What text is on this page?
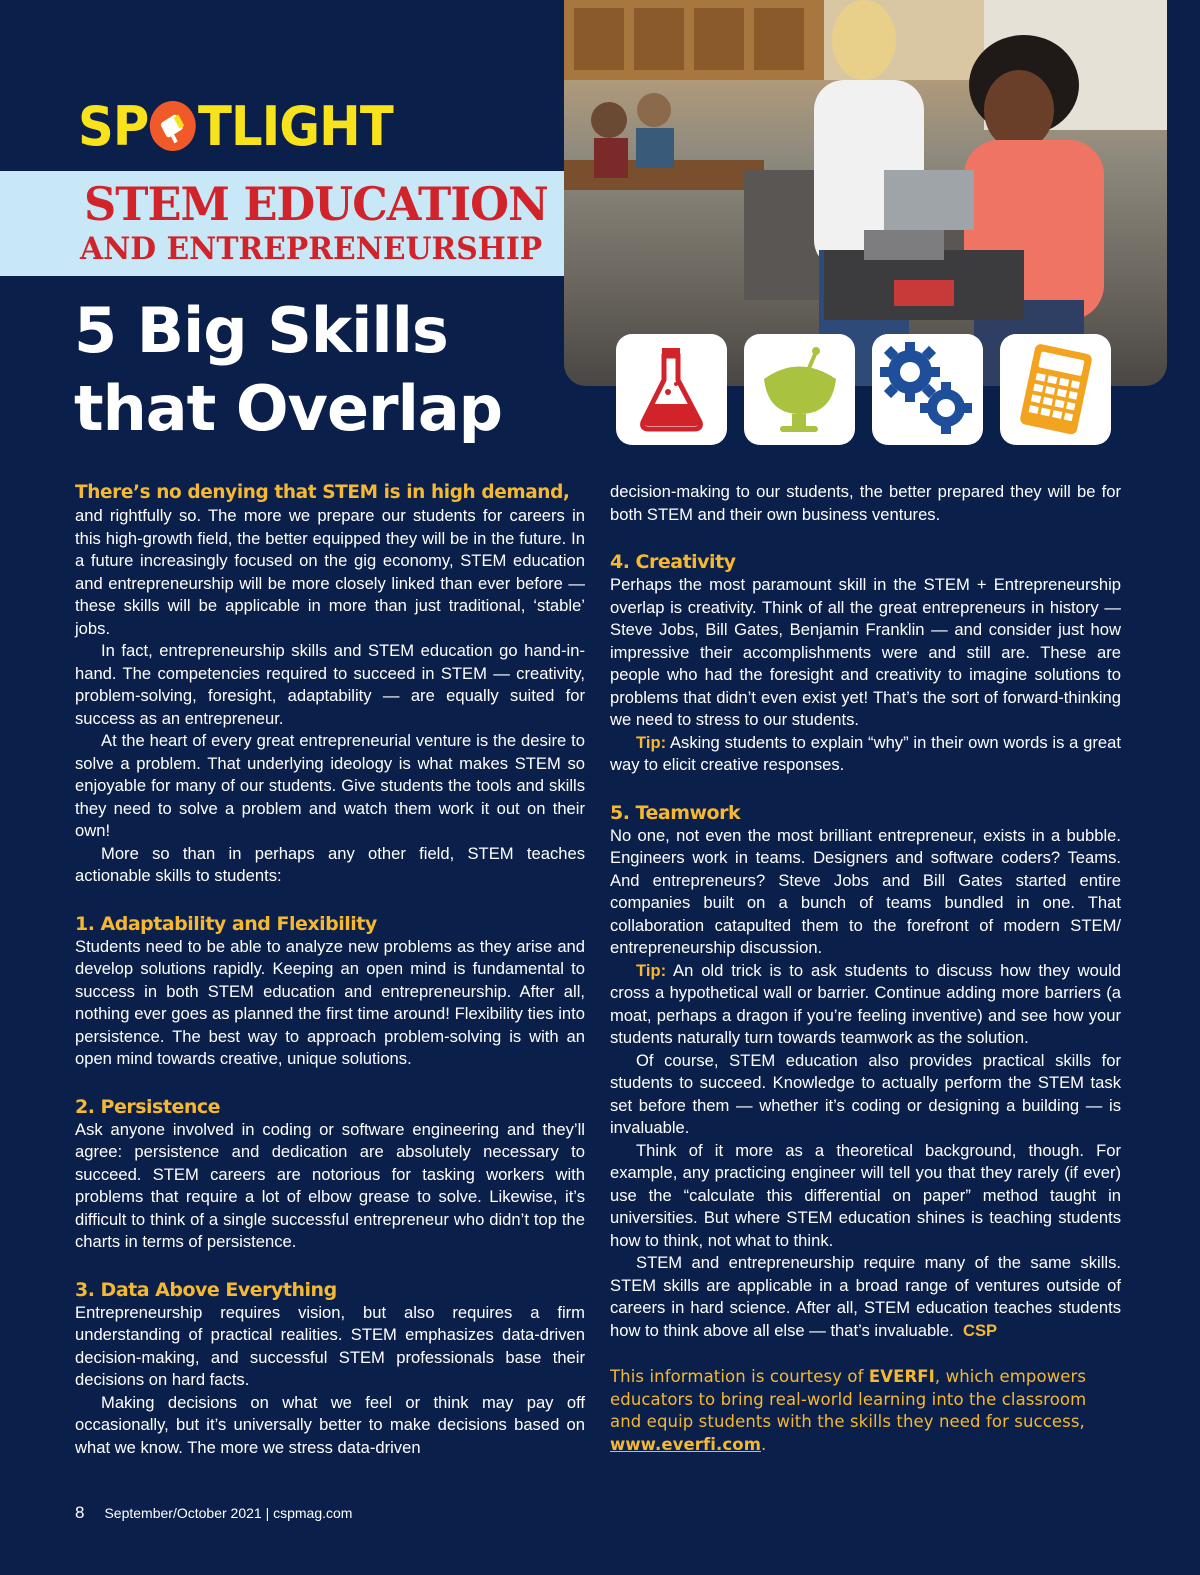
SP TLIGHT
STEM EDUCATION
AND ENTREPRENEURSHIP
5 Big Skills
that Overlap
There’s no denying that STEM is in high demand,

and rightfully so. The more we prepare our students for careers in this high-growth field, the better equipped they will be in the future. In a future increasingly focused on the gig economy, STEM education and entrepreneurship will be more closely linked than ever before — these skills will be applicable in more than just traditional, ‘stable’ jobs.

In fact, entrepreneurship skills and STEM education go hand-in-hand. The competencies required to succeed in STEM — creativity, problem-solving, foresight, adaptability — are equally suited for success as an entrepreneur.

At the heart of every great entrepreneurial venture is the desire to solve a problem. That underlying ideology is what makes STEM so enjoyable for many of our students. Give students the tools and skills they need to solve a problem and watch them work it out on their own!

More so than in perhaps any other field, STEM teaches actionable skills to students:

1. Adaptability and Flexibility

Students need to be able to analyze new problems as they arise and develop solutions rapidly. Keeping an open mind is fundamental to success in both STEM education and entrepreneurship. After all, nothing ever goes as planned the first time around! Flexibility ties into persistence. The best way to approach problem-solving is with an open mind towards creative, unique solutions.

2. Persistence

Ask anyone involved in coding or software engineering and they’ll agree: persistence and dedication are absolutely necessary to succeed. STEM careers are notorious for tasking workers with problems that require a lot of elbow grease to solve. Likewise, it’s difficult to think of a single successful entrepreneur who didn’t top the charts in terms of persistence.

3. Data Above Everything

Entrepreneurship requires vision, but also requires a firm understanding of practical realities. STEM emphasizes data-driven decision-making, and successful STEM professionals base their decisions on hard facts.

Making decisions on what we feel or think may pay off occasionally, but it’s universally better to make decisions based on what we know. The more we stress data-driven

decision-making to our students, the better prepared they will be for both STEM and their own business ventures.

4. Creativity

Perhaps the most paramount skill in the STEM + Entrepreneurship overlap is creativity. Think of all the great entrepreneurs in history — Steve Jobs, Bill Gates, Benjamin Franklin — and consider just how impressive their accomplishments were and still are. These are people who had the foresight and creativity to imagine solutions to problems that didn’t even exist yet! That’s the sort of forward-thinking we need to stress to our students.

Tip: Asking students to explain “why” in their own words is a great way to elicit creative responses.

5. Teamwork

No one, not even the most brilliant entrepreneur, exists in a bubble. Engineers work in teams. Designers and software coders? Teams. And entrepreneurs? Steve Jobs and Bill Gates started entire companies built on a bunch of teams bundled in one. That collaboration catapulted them to the forefront of modern STEM/ entrepreneurship discussion.

Tip: An old trick is to ask students to discuss how they would cross a hypothetical wall or barrier. Continue adding more barriers (a moat, perhaps a dragon if you’re feeling inventive) and see how your students naturally turn towards teamwork as the solution.

Of course, STEM education also provides practical skills for students to succeed. Knowledge to actually perform the STEM task set before them — whether it’s coding or designing a building — is invaluable.

Think of it more as a theoretical background, though. For example, any practicing engineer will tell you that they rarely (if ever) use the “calculate this differential on paper” method taught in universities. But where STEM education shines is teaching students how to think, not what to think.

STEM and entrepreneurship require many of the same skills. STEM skills are applicable in a broad range of ventures outside of careers in hard science. After all, STEM education teaches students how to think above all else — that’s invaluable. CSP

This information is courtesy of EVERFI, which empowers educators to bring real-world learning into the classroom and equip students with the skills they need for success, www.everfi.com.
8 September/October 2021 | cspmag.com
